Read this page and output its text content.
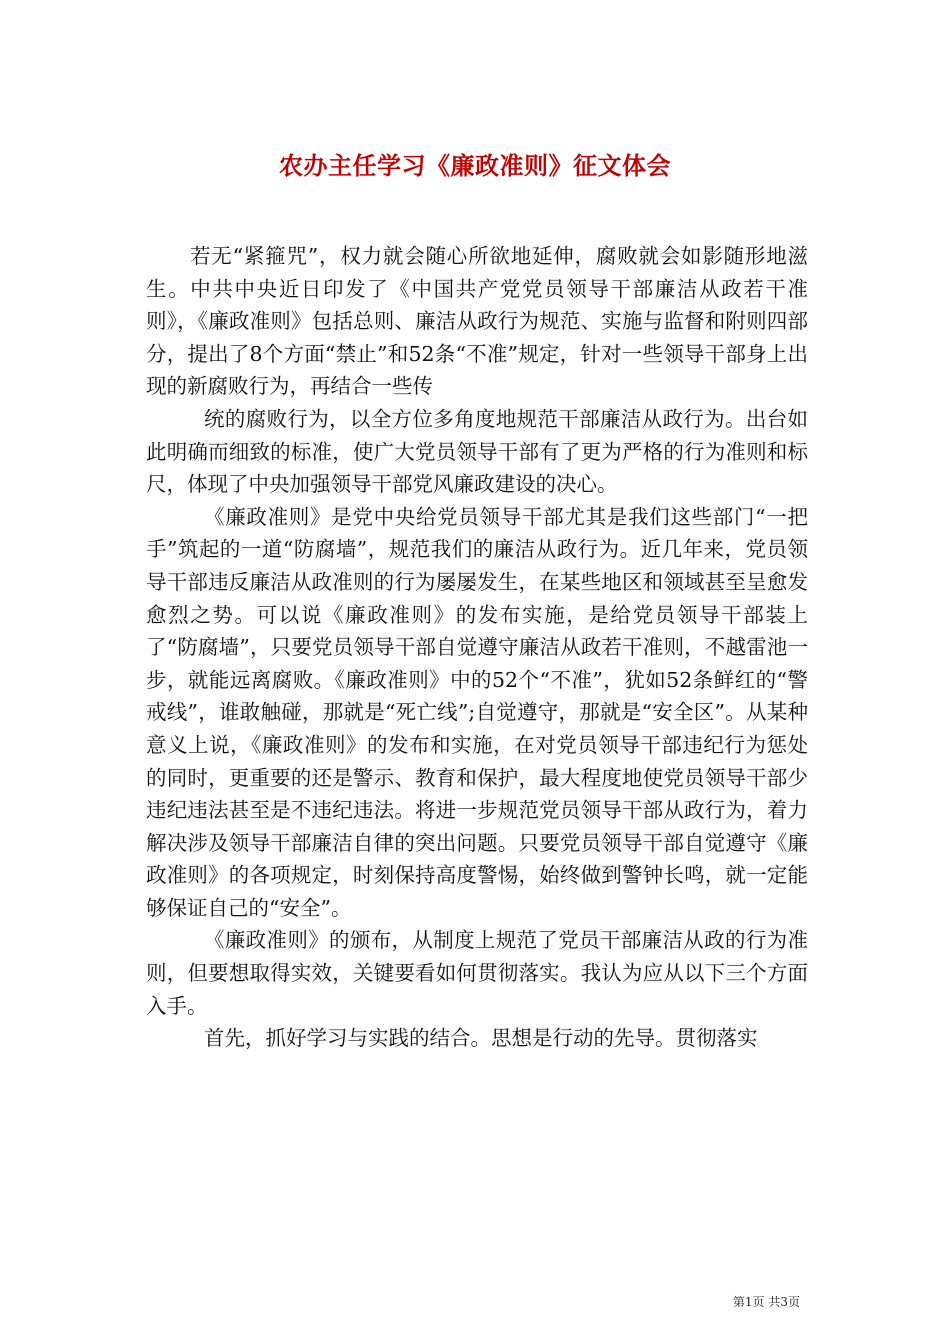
农办主任学习《廉政准则》征文体会

若无“紧箍咒”，权力就会随心所欲地延伸，腐败就会如影随形地滋生。中共中央近日印发了《中国共产党党员领导干部廉洁从政若干准则》，《廉政准则》包括总则、廉洁从政行为规范、实施与监督和附则四部分，提出了8个方面“禁止”和52条“不准”规定，针对一些领导干部身上出现的新腐败行为，再结合一些传

统的腐败行为，以全方位多角度地规范干部廉洁从政行为。出台如此明确而细致的标准，使广大党员领导干部有了更为严格的行为准则和标尺，体现了中央加强领导干部党风廉政建设的决心。

《廉政准则》是党中央给党员领导干部尤其是我们这些部门“一把手”筑起的一道“防腐墙”，规范我们的廉洁从政行为。近几年来，党员领导干部违反廉洁从政准则的行为屡屡发生，在某些地区和领域甚至呈愈发愈烈之势。可以说《廉政准则》的发布实施，是给党员领导干部装上了“防腐墙”，只要党员领导干部自觉遵守廉洁从政若干准则，不越雷池一步，就能远离腐败。《廉政准则》中的52个“不准”，犹如52条鲜红的“警戒线”，谁敢触碰，那就是“死亡线”;自觉遵守，那就是“安全区”。从某种意义上说，《廉政准则》的发布和实施，在对党员领导干部违纪行为惩处的同时，更重要的还是警示、教育和保护，最大程度地使党员领导干部少违纪违法甚至是不违纪违法。将进一步规范党员领导干部从政行为，着力解决涉及领导干部廉洁自律的突出问题。只要党员领导干部自觉遵守《廉政准则》的各项规定，时刻保持高度警惕，始终做到警钟长鸣，就一定能够保证自己的“安全”。

《廉政准则》的颁布，从制度上规范了党员干部廉洁从政的行为准则，但要想取得实效，关键要看如何贯彻落实。我认为应从以下三个方面入手。

首先，抓好学习与实践的结合。思想是行动的先导。贯彻落实

第1页 共3页
